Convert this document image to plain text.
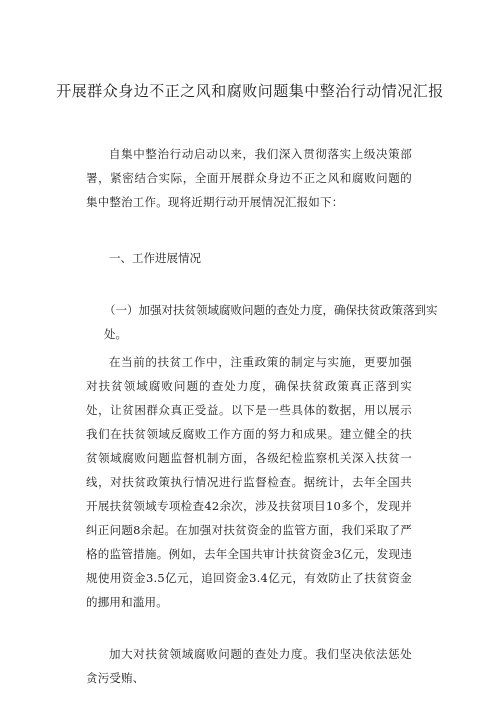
开展群众身边不正之风和腐败问题集中整治行动情况汇报
自集中整治行动启动以来，我们深入贯彻落实上级决策部署，紧密结合实际，全面开展群众身边不正之风和腐败问题的集中整治工作。现将近期行动开展情况汇报如下：
一、工作进展情况
（一）加强对扶贫领域腐败问题的查处力度，确保扶贫政策落到实处。
在当前的扶贫工作中，注重政策的制定与实施，更要加强对扶贫领域腐败问题的查处力度，确保扶贫政策真正落到实处，让贫困群众真正受益。以下是一些具体的数据，用以展示我们在扶贫领域反腐败工作方面的努力和成果。建立健全的扶贫领域腐败问题监督机制方面，各级纪检监察机关深入扶贫一线，对扶贫政策执行情况进行监督检查。据统计，去年全国共开展扶贫领域专项检查42余次，涉及扶贫项目10多个，发现并纠正问题8余起。在加强对扶贫资金的监管方面，我们采取了严格的监管措施。例如，去年全国共审计扶贫资金3亿元，发现违规使用资金3.5亿元，追回资金3.4亿元，有效防止了扶贫资金的挪用和滥用。
加大对扶贫领域腐败问题的查处力度。我们坚决依法惩处贪污受贿、
